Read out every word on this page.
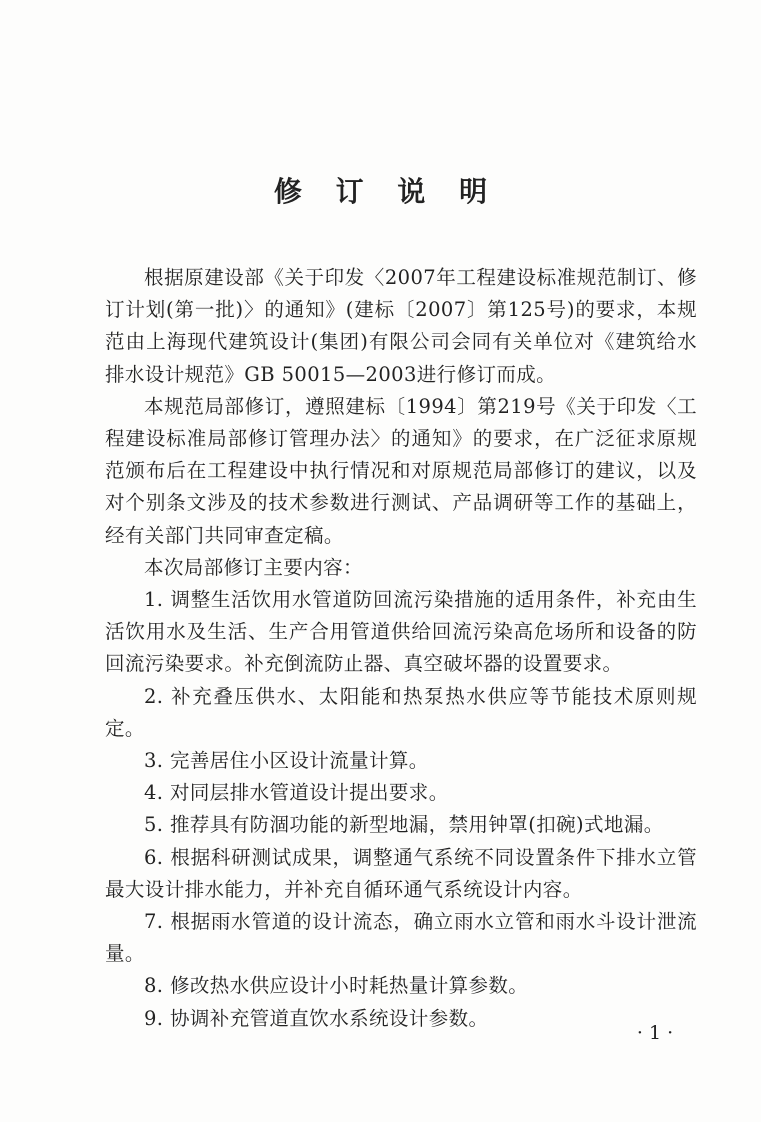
修 订 说 明

根据原建设部《关于印发〈2007年工程建设标准规范制订、修订计划(第一批)〉的通知》(建标〔2007〕第125号)的要求，本规范由上海现代建筑设计(集团)有限公司会同有关单位对《建筑给水排水设计规范》GB 50015—2003进行修订而成。

本规范局部修订，遵照建标〔1994〕第219号《关于印发〈工程建设标准局部修订管理办法〉的通知》的要求，在广泛征求原规范颁布后在工程建设中执行情况和对原规范局部修订的建议，以及对个别条文涉及的技术参数进行测试、产品调研等工作的基础上，经有关部门共同审查定稿。

本次局部修订主要内容：

1. 调整生活饮用水管道防回流污染措施的适用条件，补充由生活饮用水及生活、生产合用管道供给回流污染高危场所和设备的防回流污染要求。补充倒流防止器、真空破坏器的设置要求。

2. 补充叠压供水、太阳能和热泵热水供应等节能技术原则规定。

3. 完善居住小区设计流量计算。

4. 对同层排水管道设计提出要求。

5. 推荐具有防涸功能的新型地漏，禁用钟罩(扣碗)式地漏。

6. 根据科研测试成果，调整通气系统不同设置条件下排水立管最大设计排水能力，并补充自循环通气系统设计内容。

7. 根据雨水管道的设计流态，确立雨水立管和雨水斗设计泄流量。

8. 修改热水供应设计小时耗热量计算参数。

9. 协调补充管道直饮水系统设计参数。

· 1 ·
